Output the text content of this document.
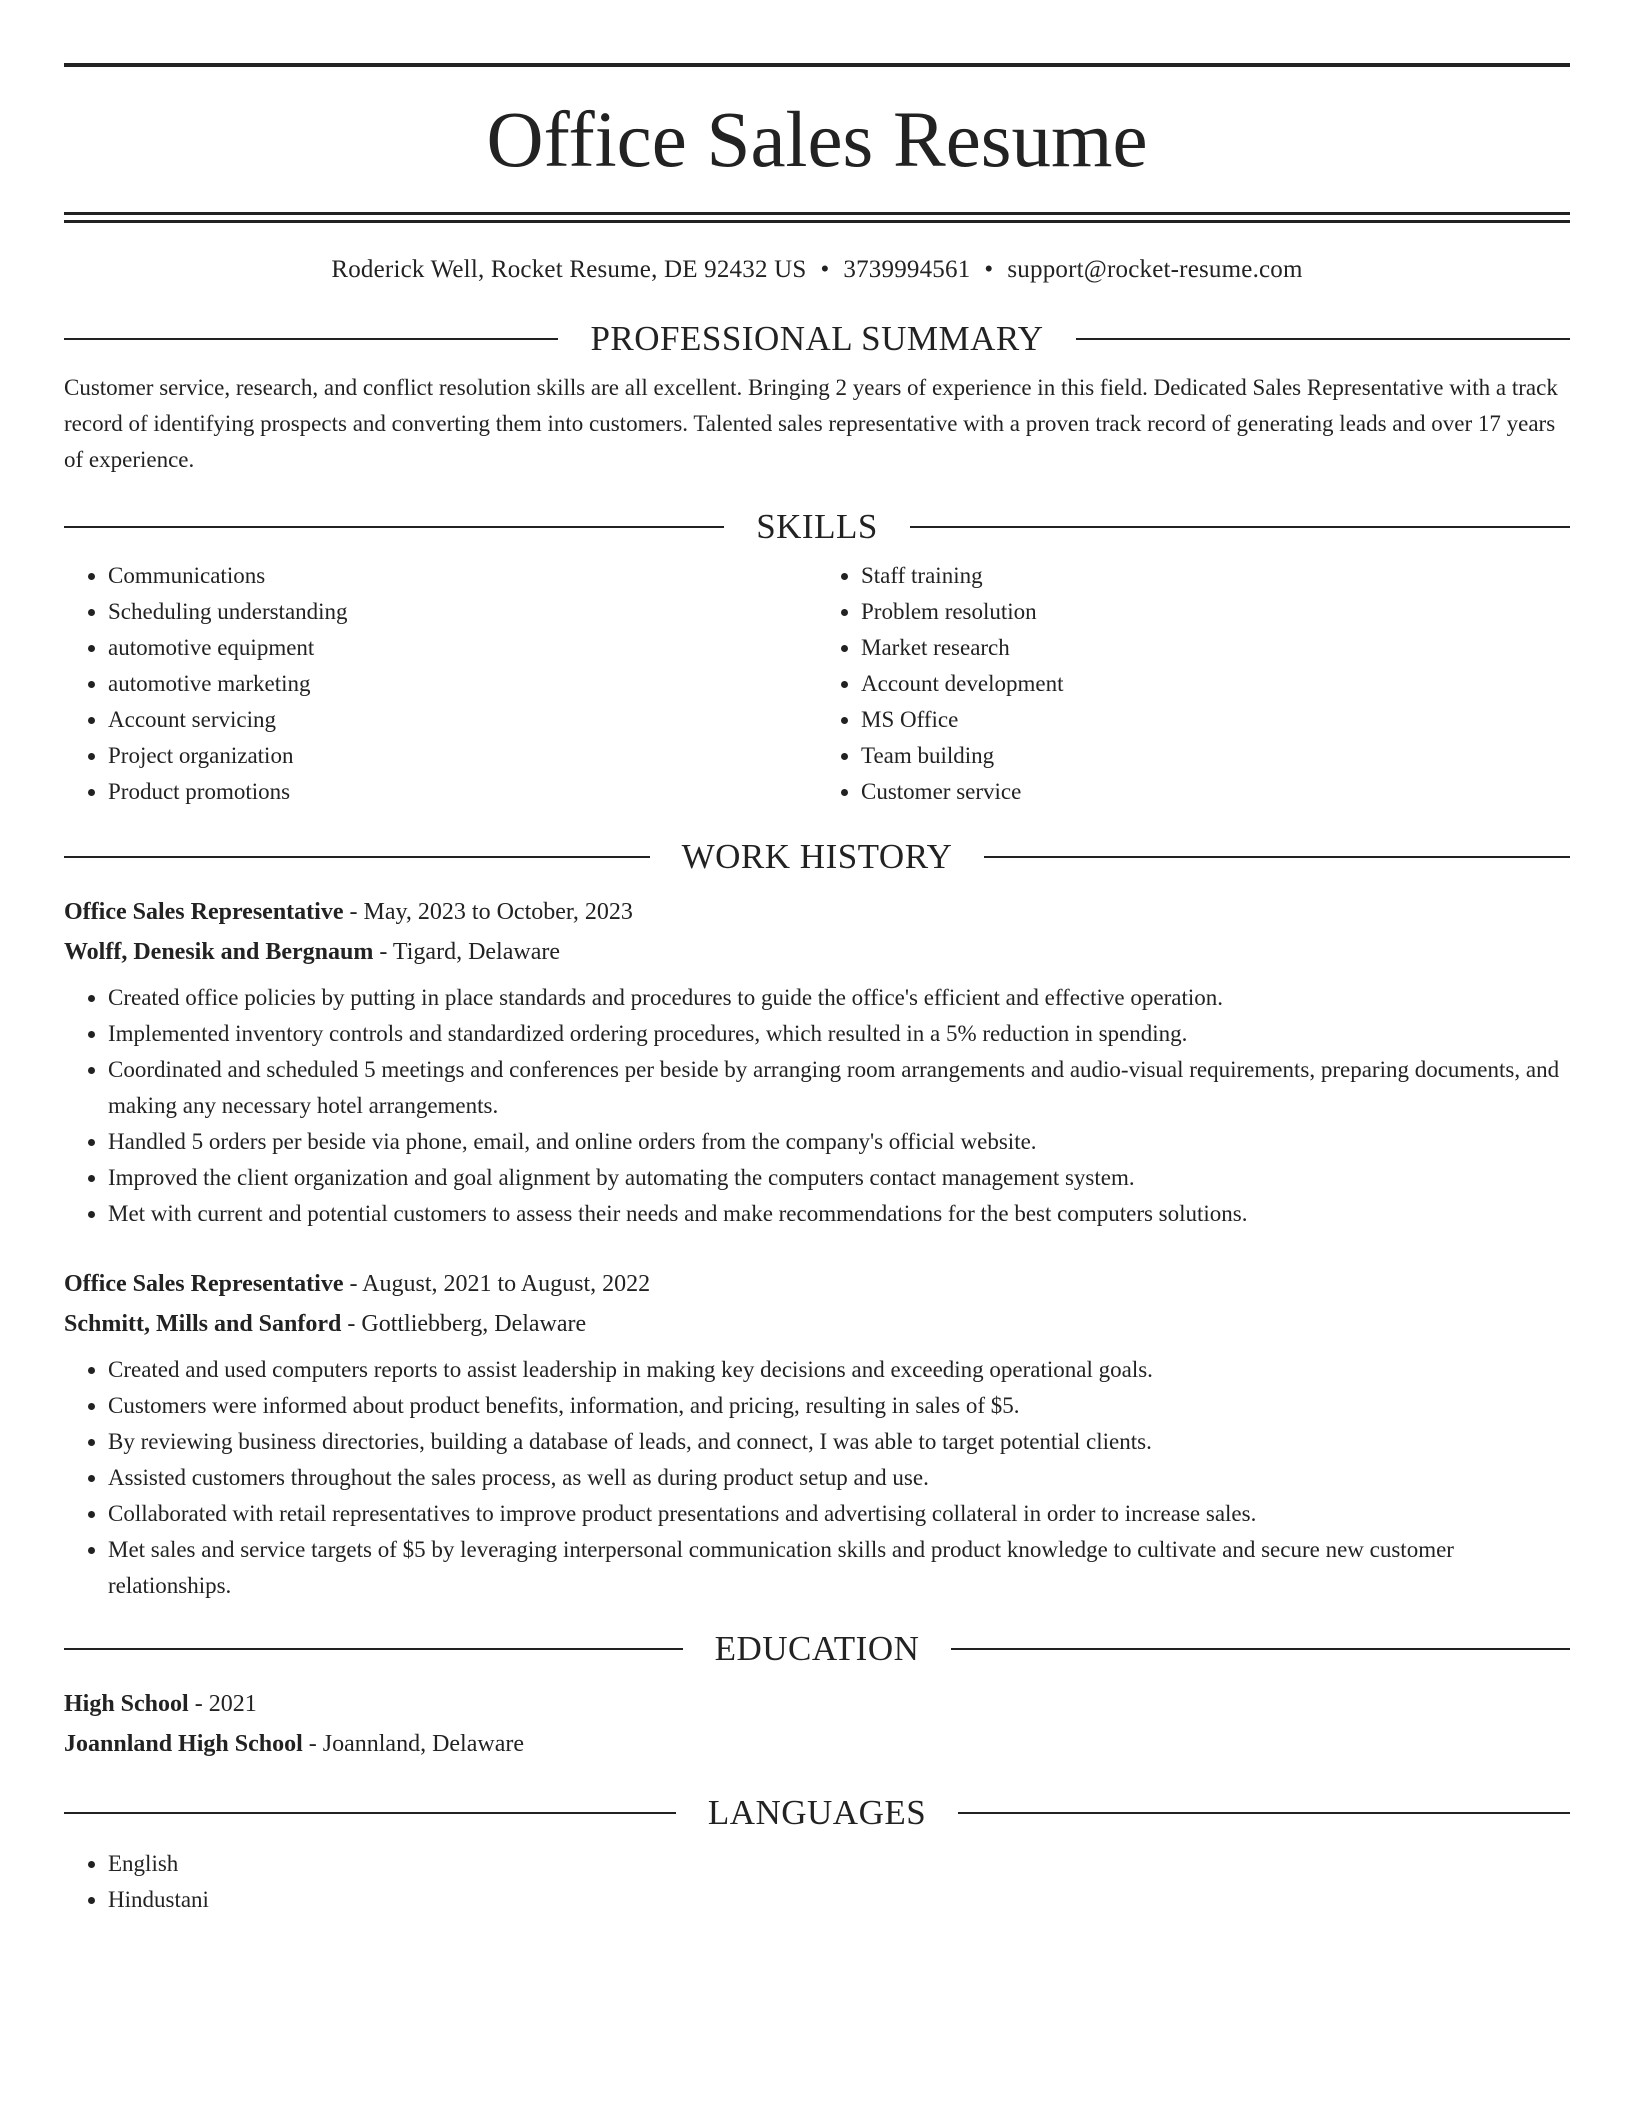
Office Sales Resume
Roderick Well, Rocket Resume, DE 92432 US • 3739994561 • support@rocket-resume.com
PROFESSIONAL SUMMARY

Customer service, research, and conflict resolution skills are all excellent. Bringing 2 years of experience in this field. Dedicated Sales Representative with a track record of identifying prospects and converting them into customers. Talented sales representative with a proven track record of generating leads and over 17 years of experience.

SKILLS
• Communications
• Scheduling understanding
• automotive equipment
• automotive marketing
• Account servicing
• Project organization
• Product promotions
• Staff training
• Problem resolution
• Market research
• Account development
• MS Office
• Team building
• Customer service
WORK HISTORY
Office Sales Representative - May, 2023 to October, 2023
Wolff, Denesik and Bergnaum - Tigard, Delaware
• Created office policies by putting in place standards and procedures to guide the office's efficient and effective operation.
• Implemented inventory controls and standardized ordering procedures, which resulted in a 5% reduction in spending.
• Coordinated and scheduled 5 meetings and conferences per beside by arranging room arrangements and audio-visual requirements, preparing documents, and making any necessary hotel arrangements.
• Handled 5 orders per beside via phone, email, and online orders from the company's official website.
• Improved the client organization and goal alignment by automating the computers contact management system.
• Met with current and potential customers to assess their needs and make recommendations for the best computers solutions.
Office Sales Representative - August, 2021 to August, 2022
Schmitt, Mills and Sanford - Gottliebberg, Delaware
• Created and used computers reports to assist leadership in making key decisions and exceeding operational goals.
• Customers were informed about product benefits, information, and pricing, resulting in sales of $5.
• By reviewing business directories, building a database of leads, and connect, I was able to target potential clients.
• Assisted customers throughout the sales process, as well as during product setup and use.
• Collaborated with retail representatives to improve product presentations and advertising collateral in order to increase sales.
• Met sales and service targets of $5 by leveraging interpersonal communication skills and product knowledge to cultivate and secure new customer relationships.
EDUCATION
High School - 2021
Joannland High School - Joannland, Delaware
LANGUAGES
• English
• Hindustani
